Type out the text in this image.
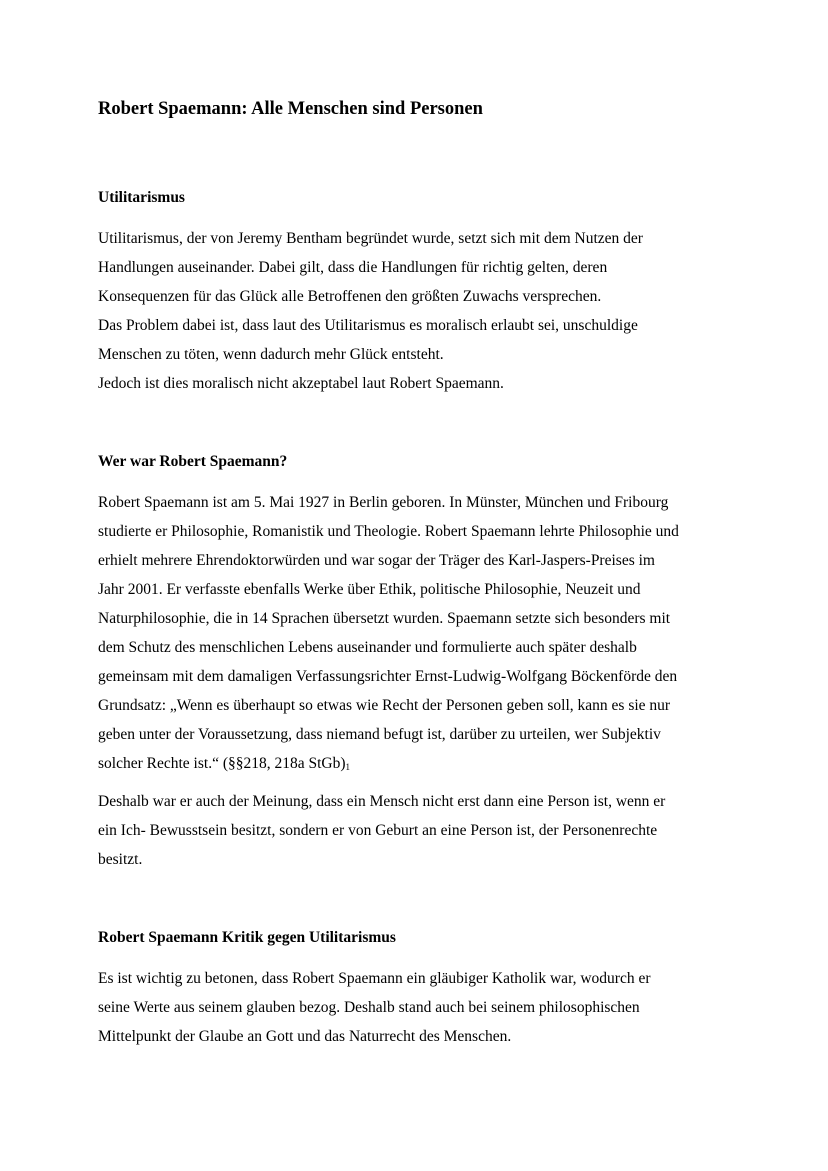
Robert Spaemann: Alle Menschen sind Personen
Utilitarismus
Utilitarismus, der von Jeremy Bentham begründet wurde, setzt sich mit dem Nutzen der
Handlungen auseinander. Dabei gilt, dass die Handlungen für richtig gelten, deren
Konsequenzen für das Glück alle Betroffenen den größten Zuwachs versprechen.
Das Problem dabei ist, dass laut des Utilitarismus es moralisch erlaubt sei, unschuldige
Menschen zu töten, wenn dadurch mehr Glück entsteht.
Jedoch ist dies moralisch nicht akzeptabel laut Robert Spaemann.
Wer war Robert Spaemann?
Robert Spaemann ist am 5. Mai 1927 in Berlin geboren. In Münster, München und Fribourg
studierte er Philosophie, Romanistik und Theologie. Robert Spaemann lehrte Philosophie und
erhielt mehrere Ehrendoktorwürden und war sogar der Träger des Karl-Jaspers-Preises im
Jahr 2001. Er verfasste ebenfalls Werke über Ethik, politische Philosophie, Neuzeit und
Naturphilosophie, die in 14 Sprachen übersetzt wurden. Spaemann setzte sich besonders mit
dem Schutz des menschlichen Lebens auseinander und formulierte auch später deshalb
gemeinsam mit dem damaligen Verfassungsrichter Ernst-Ludwig-Wolfgang Böckenförde den
Grundsatz: „Wenn es überhaupt so etwas wie Recht der Personen geben soll, kann es sie nur
geben unter der Voraussetzung, dass niemand befugt ist, darüber zu urteilen, wer Subjektiv
solcher Rechte ist.“ (§§218, 218a $StGb)_1$
Deshalb war er auch der Meinung, dass ein Mensch nicht erst dann eine Person ist, wenn er
ein Ich- Bewusstsein besitzt, sondern er von Geburt an eine Person ist, der Personenrechte
besitzt.
Robert Spaemann Kritik gegen Utilitarismus
Es ist wichtig zu betonen, dass Robert Spaemann ein gläubiger Katholik war, wodurch er
seine Werte aus seinem glauben bezog. Deshalb stand auch bei seinem philosophischen
Mittelpunkt der Glaube an Gott und das Naturrecht des Menschen.
